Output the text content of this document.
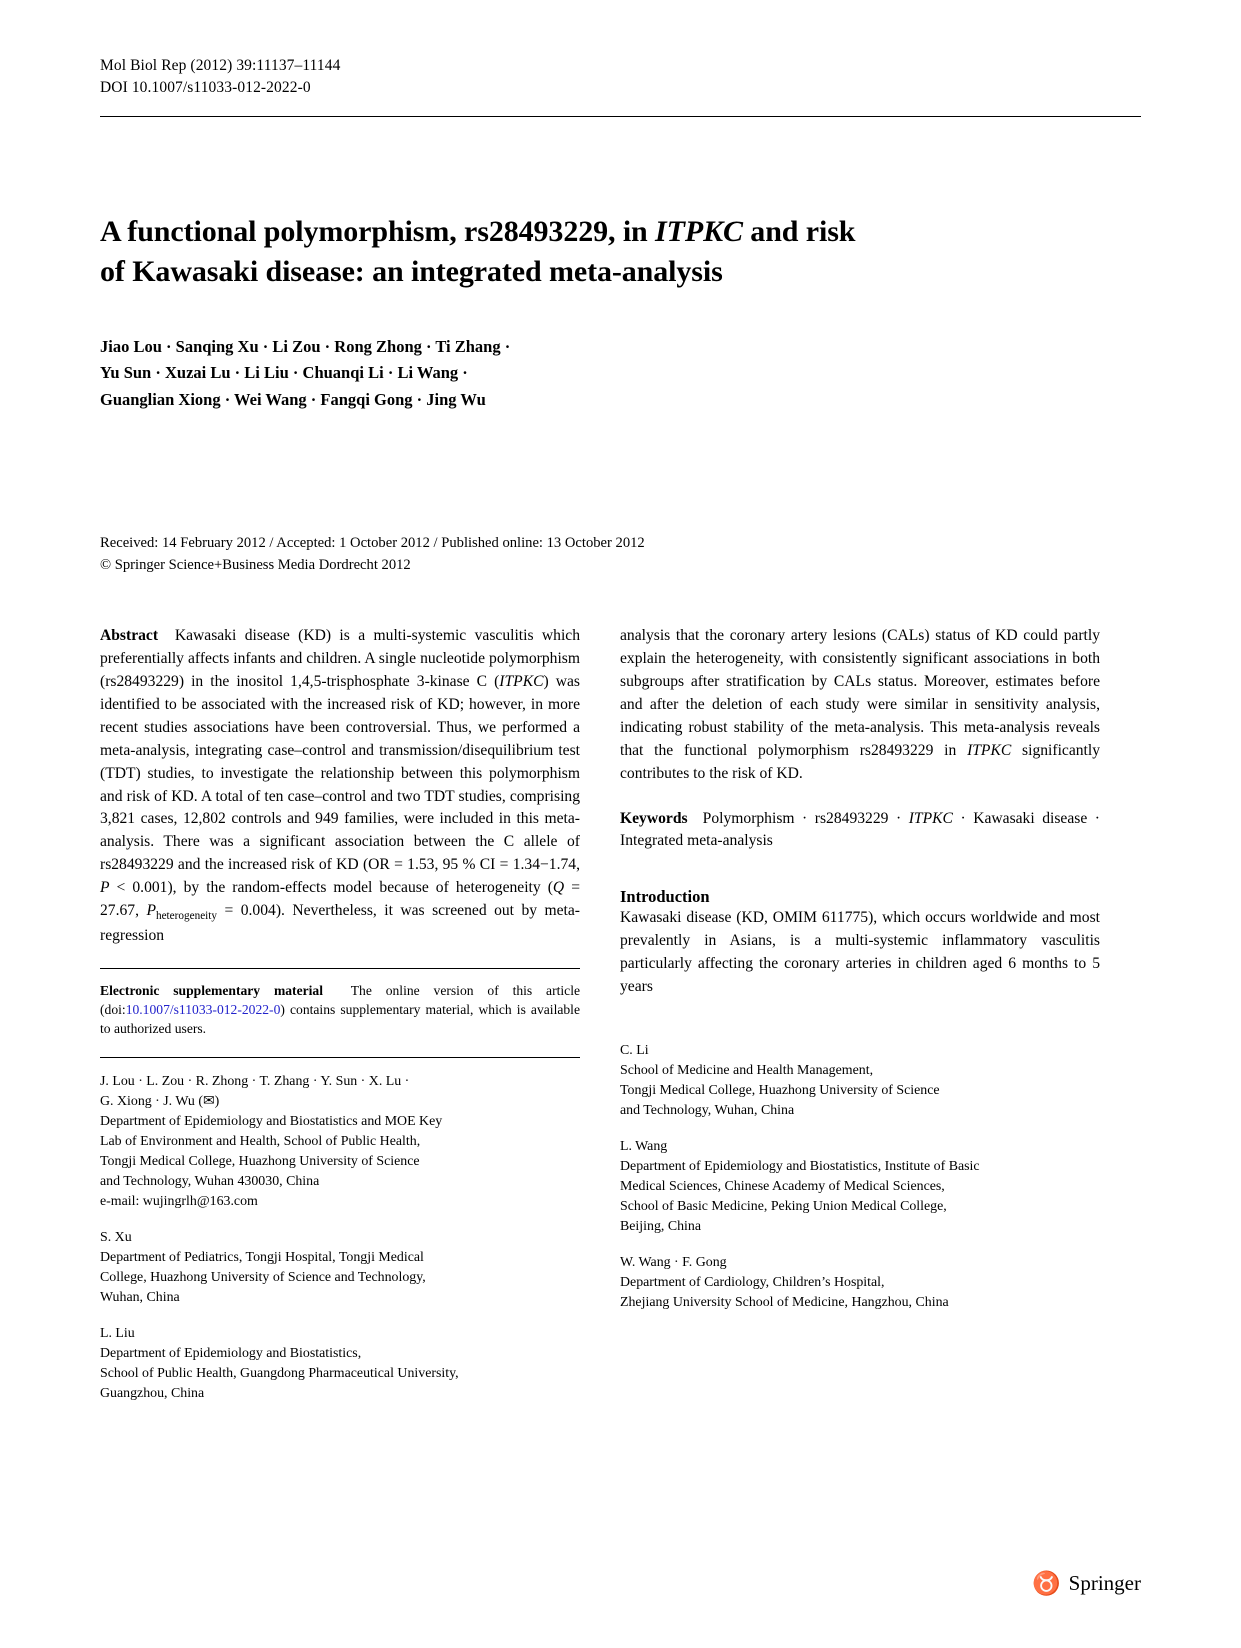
Mol Biol Rep (2012) 39:11137–11144
DOI 10.1007/s11033-012-2022-0
A functional polymorphism, rs28493229, in ITPKC and risk
of Kawasaki disease: an integrated meta-analysis
Jiao Lou · Sanqing Xu · Li Zou · Rong Zhong · Ti Zhang ·
Yu Sun · Xuzai Lu · Li Liu · Chuanqi Li · Li Wang ·
Guanglian Xiong · Wei Wang · Fangqi Gong · Jing Wu
Received: 14 February 2012 / Accepted: 1 October 2012 / Published online: 13 October 2012
© Springer Science+Business Media Dordrecht 2012

Abstract Kawasaki disease (KD) is a multi-systemic vasculitis which preferentially affects infants and children. A single nucleotide polymorphism (rs28493229) in the inositol 1,4,5-trisphosphate 3-kinase C (ITPKC) was identified to be associated with the increased risk of KD; however, in more recent studies associations have been controversial. Thus, we performed a meta-analysis, integrating case–control and transmission/disequilibrium test (TDT) studies, to investigate the relationship between this polymorphism and risk of KD. A total of ten case–control and two TDT studies, comprising 3,821 cases, 12,802 controls and 949 families, were included in this meta-analysis. There was a significant association between the C allele of rs28493229 and the increased risk of KD (OR = 1.53, 95 % CI = 1.34−1.74, P < 0.001), by the random-effects model because of heterogeneity (Q = 27.67, $P_{heterogeneity} = 0.004$). Nevertheless, it was screened out by meta-regression

Electronic supplementary material The online version of this article (doi:10.1007/s11033-012-2022-0) contains supplementary material, which is available to authorized users.
J. Lou · L. Zou · R. Zhong · T. Zhang · Y. Sun · X. Lu ·
G. Xiong · J. Wu (✉)
Department of Epidemiology and Biostatistics and MOE Key
Lab of Environment and Health, School of Public Health,
Tongji Medical College, Huazhong University of Science
and Technology, Wuhan 430030, China
e-mail: wujingrlh@163.com
S. Xu
Department of Pediatrics, Tongji Hospital, Tongji Medical
College, Huazhong University of Science and Technology,
Wuhan, China
L. Liu
Department of Epidemiology and Biostatistics,
School of Public Health, Guangdong Pharmaceutical University,
Guangzhou, China

analysis that the coronary artery lesions (CALs) status of KD could partly explain the heterogeneity, with consistently significant associations in both subgroups after stratification by CALs status. Moreover, estimates before and after the deletion of each study were similar in sensitivity analysis, indicating robust stability of the meta-analysis. This meta-analysis reveals that the functional polymorphism rs28493229 in ITPKC significantly contributes to the risk of KD.

Keywords Polymorphism · rs28493229 · ITPKC · Kawasaki disease · Integrated meta-analysis
Introduction

Kawasaki disease (KD, OMIM 611775), which occurs worldwide and most prevalently in Asians, is a multi-systemic inflammatory vasculitis particularly affecting the coronary arteries in children aged 6 months to 5 years

C. Li
School of Medicine and Health Management,
Tongji Medical College, Huazhong University of Science
and Technology, Wuhan, China
L. Wang
Department of Epidemiology and Biostatistics, Institute of Basic
Medical Sciences, Chinese Academy of Medical Sciences,
School of Basic Medicine, Peking Union Medical College,
Beijing, China
W. Wang · F. Gong
Department of Cardiology, Children’s Hospital,
Zhejiang University School of Medicine, Hangzhou, China
♉ Springer
